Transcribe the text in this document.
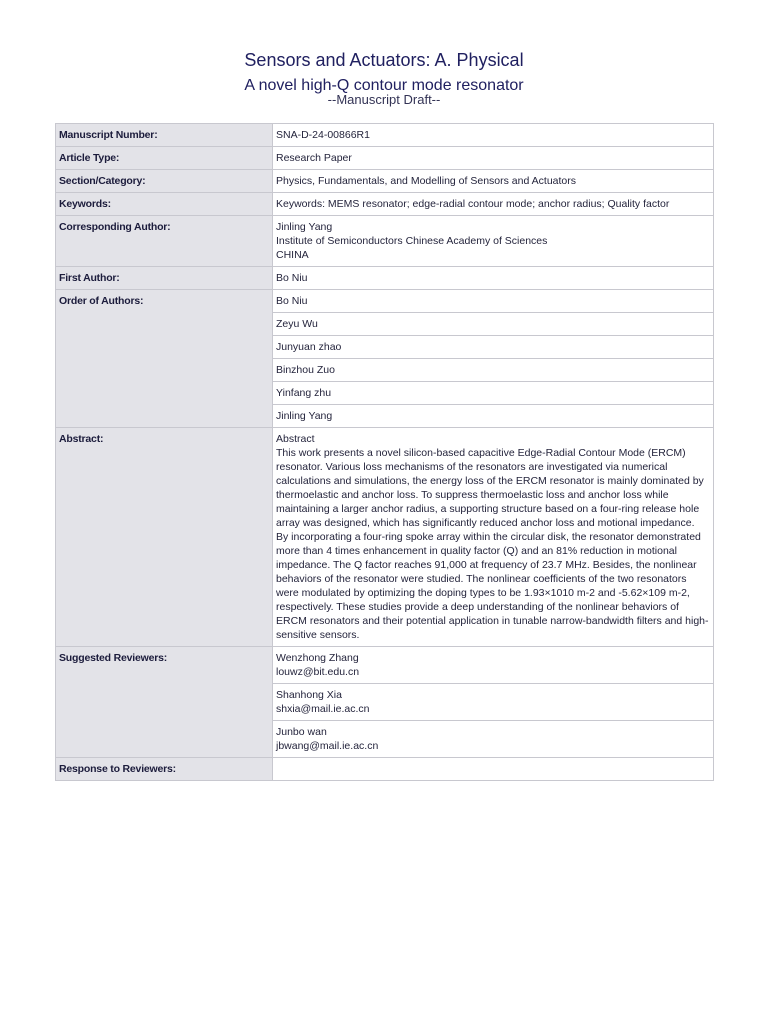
Sensors and Actuators: A. Physical
A novel high-Q contour mode resonator
--Manuscript Draft--
Manuscript Number:	SNA-D-24-00866R1
Article Type:	Research Paper
Section/Category:	Physics, Fundamentals, and Modelling of Sensors and Actuators
Keywords:	Keywords: MEMS resonator; edge-radial contour mode; anchor radius; Quality factor
Corresponding Author:	Jinling Yang
Institute of Semiconductors Chinese Academy of Sciences
CHINA

First Author:	Bo Niu
Order of Authors:	Bo Niu
	Zeyu Wu
	Junyuan zhao
	Binzhou Zuo
	Yinfang zhu
	Jinling Yang
Abstract:	Abstract

This work presents a novel silicon-based capacitive Edge-Radial Contour Mode (ERCM) resonator. Various loss mechanisms of the resonators are investigated via numerical calculations and simulations, the energy loss of the ERCM resonator is mainly dominated by thermoelastic and anchor loss. To suppress thermoelastic loss and anchor loss while maintaining a larger anchor radius, a supporting structure based on a four-ring release hole array was designed, which has significantly reduced anchor loss and motional impedance. By incorporating a four-ring spoke array within the circular disk, the resonator demonstrated more than 4 times enhancement in quality factor (Q) and an 81% reduction in motional impedance. The Q factor reaches 91,000 at frequency of 23.7 MHz. Besides, the nonlinear behaviors of the resonator were studied. The nonlinear coefficients of the two resonators were modulated by optimizing the doping types to be 1.93×1010 m-2 and -5.62×109 m-2, respectively. These studies provide a deep understanding of the nonlinear behaviors of ERCM resonators and their potential application in tunable narrow-bandwidth filters and high-sensitive sensors.

Suggested Reviewers:	Wenzhong Zhang
louwz@bit.edu.cn

	Shanhong Xia
shxia@mail.ie.ac.cn

	Junbo wan
jbwang@mail.ie.ac.cn

Response to Reviewers:	
